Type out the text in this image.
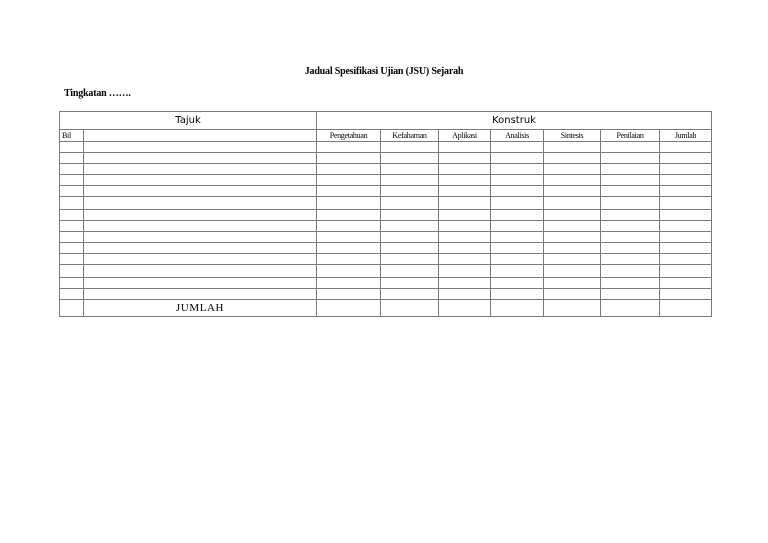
Jadual Spesifikasi Ujian (JSU) Sejarah
Tingkatan …….
Tajuk		Konstruk						
Bil		Pengetahuan	Kefahaman	Aplikasi	Analisis	Sintesis	Penilaian	Jumlah

	JUMLAH							
